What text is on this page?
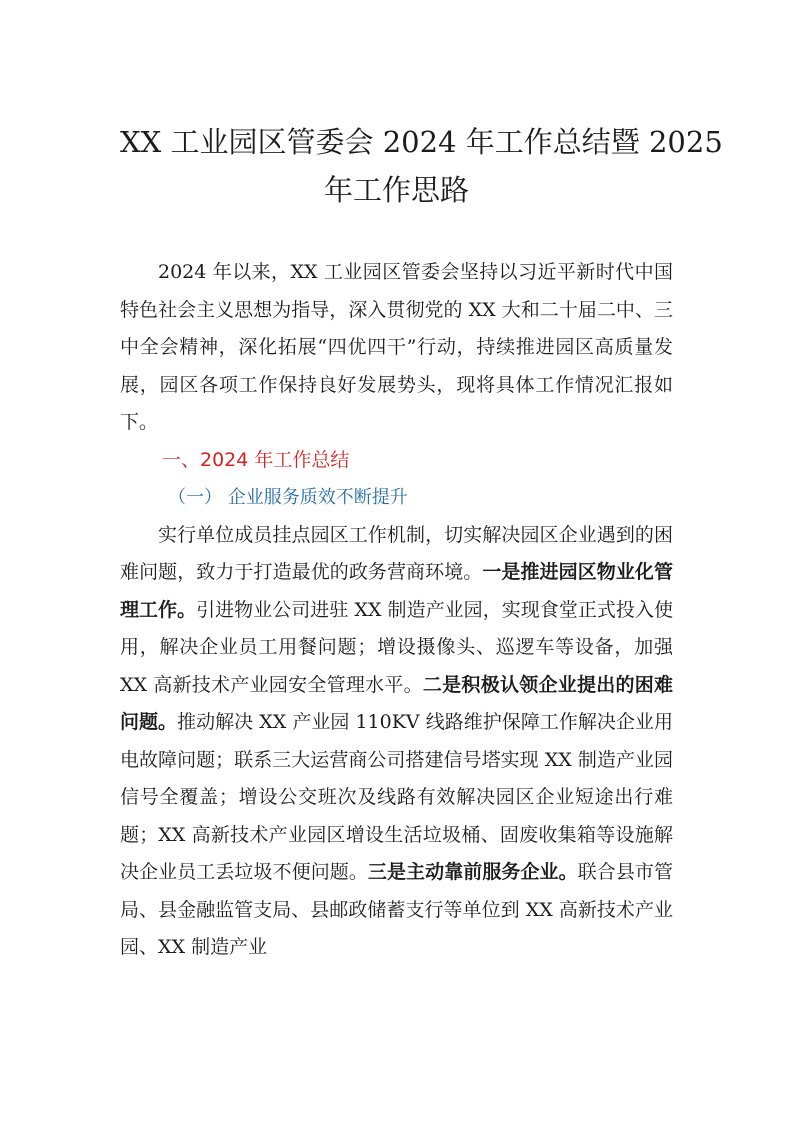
XX 工业园区管委会 2024 年工作总结暨 2025
年工作思路

2024 年以来，XX 工业园区管委会坚持以习近平新时代中国特色社会主义思想为指导，深入贯彻党的 XX 大和二十届二中、三中全会精神，深化拓展“四优四干”行动，持续推进园区高质量发展，园区各项工作保持良好发展势头，现将具体工作情况汇报如下。

一、2024 年工作总结

（一） 企业服务质效不断提升

实行单位成员挂点园区工作机制，切实解决园区企业遇到的困难问题，致力于打造最优的政务营商环境。一是推进园区物业化管理工作。引进物业公司进驻 XX 制造产业园，实现食堂正式投入使用，解决企业员工用餐问题；增设摄像头、巡逻车等设备，加强 XX 高新技术产业园安全管理水平。二是积极认领企业提出的困难问题。推动解决 XX 产业园 110KV 线路维护保障工作解决企业用电故障问题；联系三大运营商公司搭建信号塔实现 XX 制造产业园信号全覆盖；增设公交班次及线路有效解决园区企业短途出行难题；XX 高新技术产业园区增设生活垃圾桶、固废收集箱等设施解决企业员工丢垃圾不便问题。三是主动靠前服务企业。联合县市管局、县金融监管支局、县邮政储蓄支行等单位到 XX 高新技术产业园、XX 制造产业
